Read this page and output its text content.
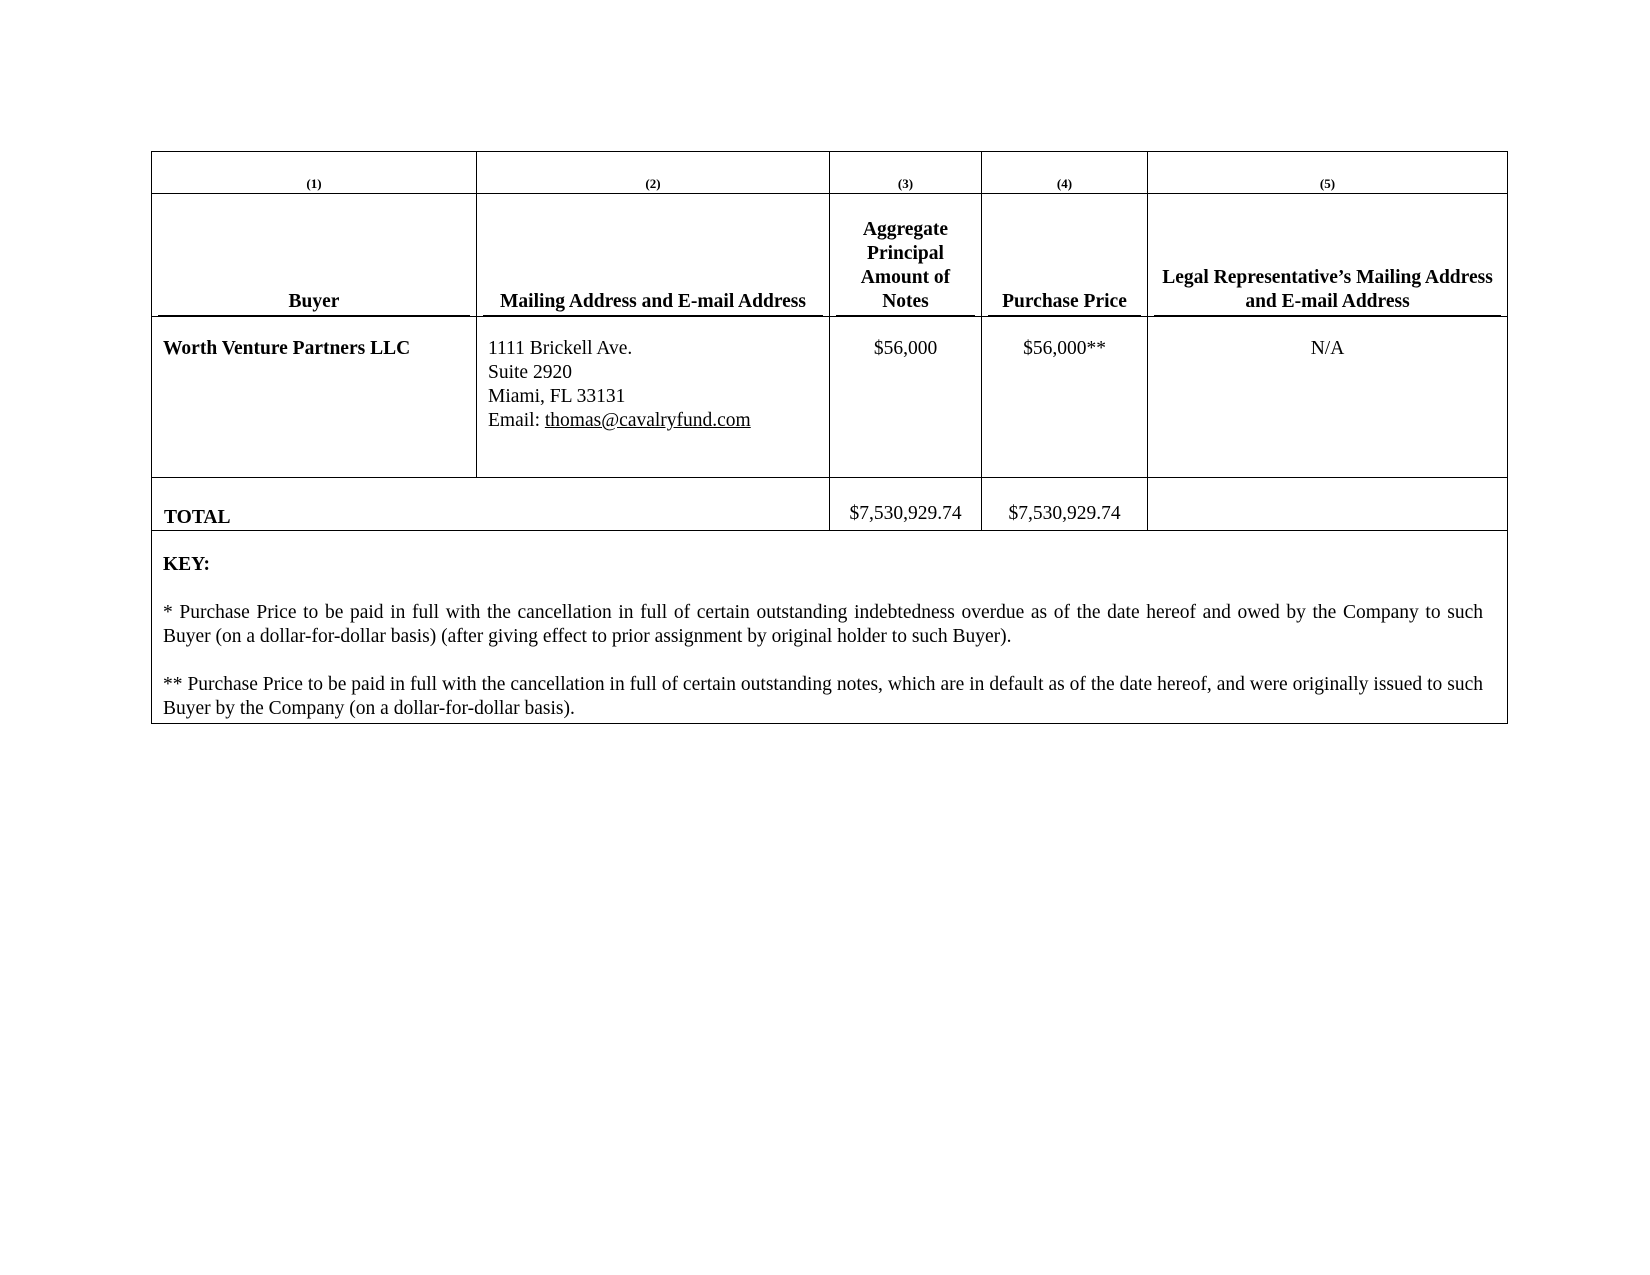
(1)	(2)	(3)	(4)	(5)
Buyer	Mailing Address and E-mail Address	Aggregate Principal Amount of Notes	Purchase Price	Legal Representative’s Mailing Address and E-mail Address

Worth Venture Partners LLC	1111 Brickell Ave.
Suite 2920
Miami, FL 33131
Email: thomas@cavalryfund.com	$56,000	$56,000**	N/A
TOTAL		$7,530,929.74	$7,530,929.74	

KEY:

* Purchase Price to be paid in full with the cancellation in full of certain outstanding indebtedness overdue as of the date hereof and owed by the Company to such Buyer (on a dollar-for-dollar basis) (after giving effect to prior assignment by original holder to such Buyer).

** Purchase Price to be paid in full with the cancellation in full of certain outstanding notes, which are in default as of the date hereof, and were originally issued to such Buyer by the Company (on a dollar-for-dollar basis).				
